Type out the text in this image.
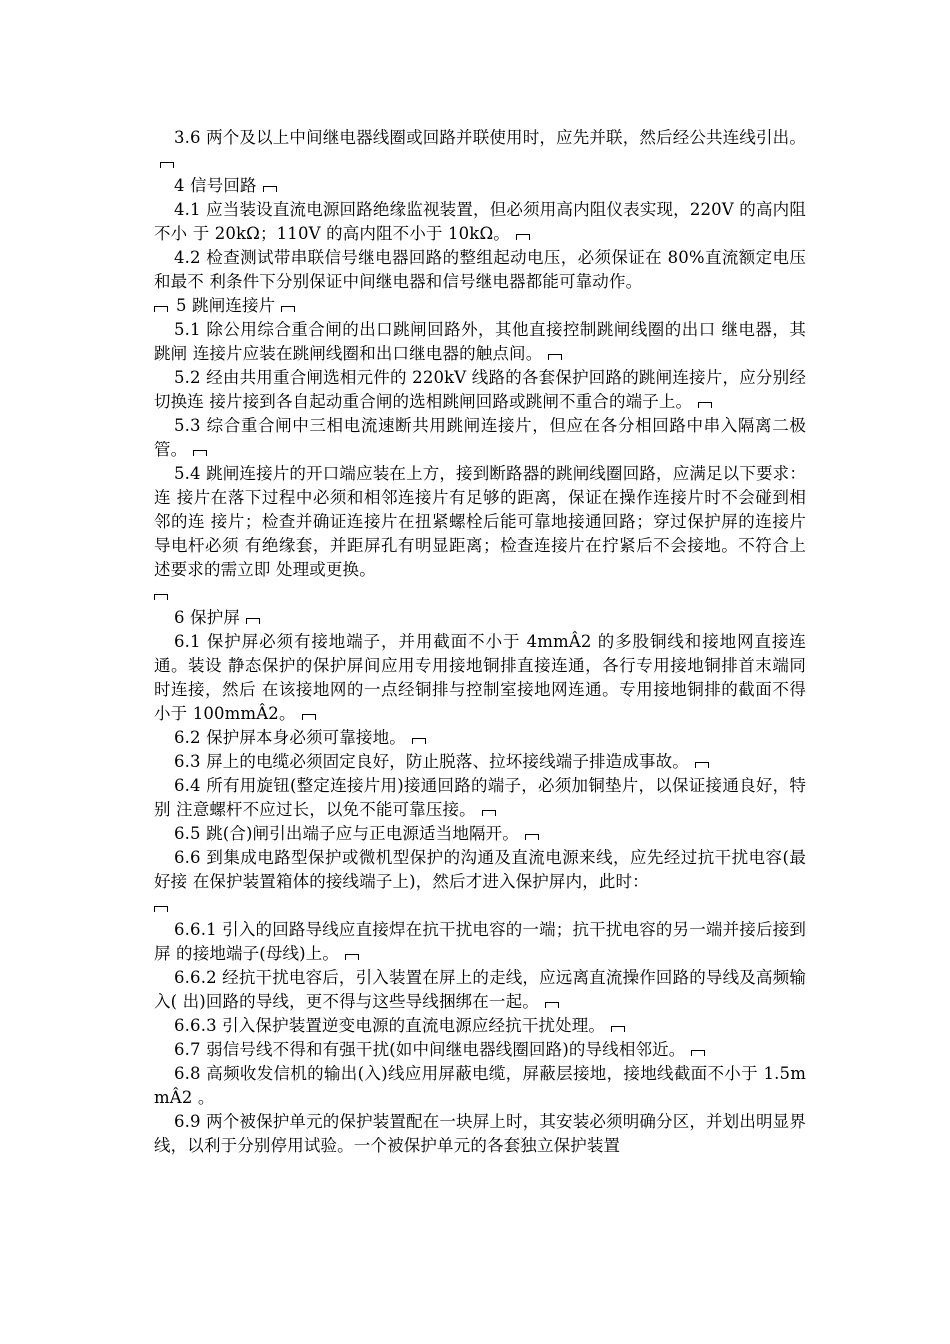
3.6 两个及以上中间继电器线圈或回路并联使用时，应先并联，然后经公共连线引出。

4 信号回路

4.1 应当装设直流电源回路绝缘监视装置，但必须用高内阻仪表实现，220V 的高内阻不小 于 20kΩ；110V 的高内阻不小于 10kΩ。

4.2 检查测试带串联信号继电器回路的整组起动电压，必须保证在 80%直流额定电压和最不 利条件下分别保证中间继电器和信号继电器都能可靠动作。

5 跳闸连接片

5.1 除公用综合重合闸的出口跳闸回路外，其他直接控制跳闸线圈的出口 继电器，其跳闸 连接片应装在跳闸线圈和出口继电器的触点间。

5.2 经由共用重合闸选相元件的 220kV 线路的各套保护回路的跳闸连接片，应分别经切换连 接片接到各自起动重合闸的选相跳闸回路或跳闸不重合的端子上。

5.3 综合重合闸中三相电流速断共用跳闸连接片，但应在各分相回路中串入隔离二极管。

5.4 跳闸连接片的开口端应装在上方，接到断路器的跳闸线圈回路，应满足以下要求：连 接片在落下过程中必须和相邻连接片有足够的距离，保证在操作连接片时不会碰到相邻的连 接片；检查并确证连接片在扭紧螺栓后能可靠地接通回路；穿过保护屏的连接片导电杆必须 有绝缘套，并距屏孔有明显距离；检查连接片在拧紧后不会接地。不符合上述要求的需立即 处理或更换。

6 保护屏

6.1 保护屏必须有接地端子，并用截面不小于 4mmÂ2 的多股铜线和接地网直接连通。装设 静态保护的保护屏间应用专用接地铜排直接连通，各行专用接地铜排首末端同时连接，然后 在该接地网的一点经铜排与控制室接地网连通。专用接地铜排的截面不得小于 100mmÂ2。

6.2 保护屏本身必须可靠接地。

6.3 屏上的电缆必须固定良好，防止脱落、拉坏接线端子排造成事故。

6.4 所有用旋钮(整定连接片用)接通回路的端子，必须加铜垫片，以保证接通良好，特别 注意螺杆不应过长，以免不能可靠压接。

6.5 跳(合)闸引出端子应与正电源适当地隔开。

6.6 到集成电路型保护或微机型保护的沟通及直流电源来线，应先经过抗干扰电容(最好接 在保护装置箱体的接线端子上)，然后才进入保护屏内，此时：

6.6.1 引入的回路导线应直接焊在抗干扰电容的一端；抗干扰电容的另一端并接后接到屏 的接地端子(母线)上。

6.6.2 经抗干扰电容后，引入装置在屏上的走线，应远离直流操作回路的导线及高频输入( 出)回路的导线，更不得与这些导线捆绑在一起。

6.6.3 引入保护装置逆变电源的直流电源应经抗干扰处理。

6.7 弱信号线不得和有强干扰(如中间继电器线圈回路)的导线相邻近。

6.8 高频收发信机的输出(入)线应用屏蔽电缆，屏蔽层接地，接地线截面不小于 1.5mmÂ2 。

6.9 两个被保护单元的保护装置配在一块屏上时，其安装必须明确分区，并划出明显界线，以利于分别停用试验。一个被保护单元的各套独立保护装置
